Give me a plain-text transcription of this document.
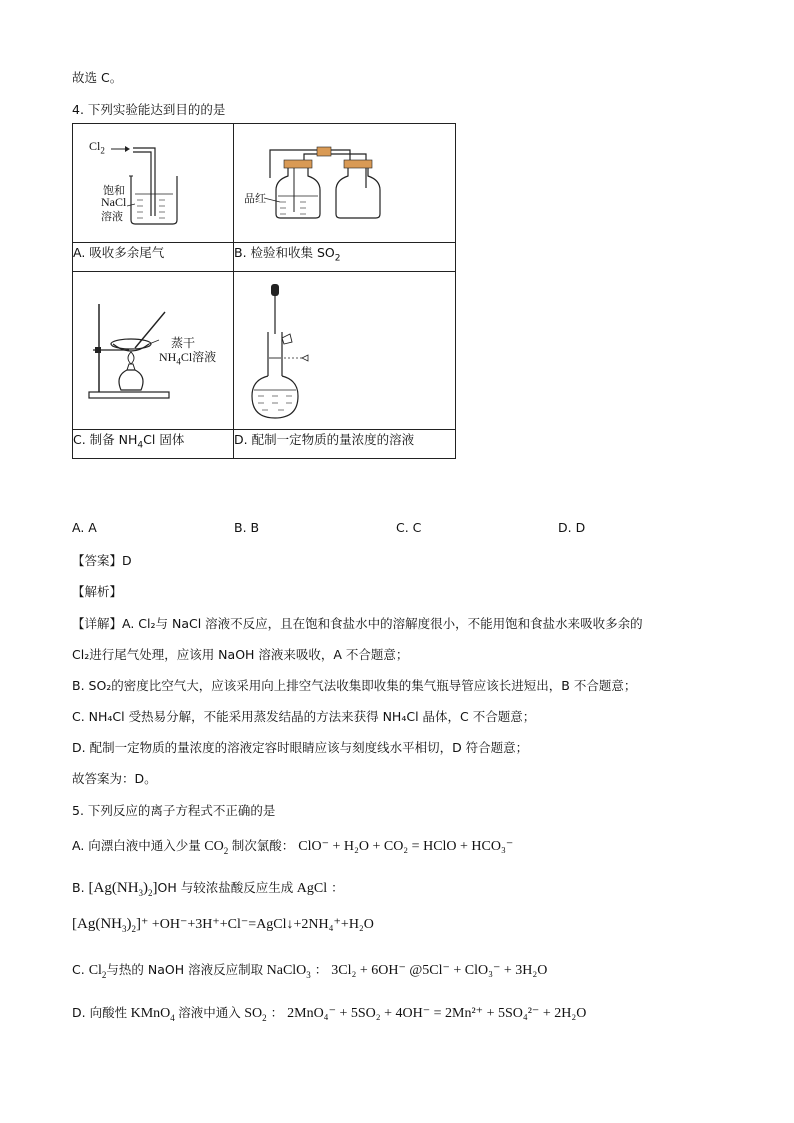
故选 C。
4. 下列实验能达到目的的是
$Cl_2$
饱和
NaCl
溶液	品红

A. 吸收多余尾气	B. 检验和收集 $SO_2$

蒸干
$NH_4Cl$溶液

C. 制备 $NH_4Cl$ 固体	D. 配制一定物质的量浓度的溶液
A. A	B. B	C. C	D. D
【答案】D
【解析】
【详解】A. Cl₂与 NaCl 溶液不反应，且在饱和食盐水中的溶解度很小，不能用饱和食盐水来吸收多余的
Cl₂进行尾气处理，应该用 NaOH 溶液来吸收，A 不合题意；
B. SO₂的密度比空气大，应该采用向上排空气法收集即收集的集气瓶导管应该长进短出，B 不合题意；
C. NH₄Cl 受热易分解，不能采用蒸发结晶的方法来获得 NH₄Cl 晶体，C 不合题意；
D. 配制一定物质的量浓度的溶液定容时眼睛应该与刻度线水平相切，D 符合题意；
故答案为：D。
5. 下列反应的离子方程式不正确的是
A. 向漂白液中通入少量 $CO_2$ 制次氯酸： ClO⁻ + H₂O + CO₂ = HClO + HCO₃⁻
B. $[Ag(NH_3)_2]OH$ 与较浓盐酸反应生成 AgCl ：
$[Ag(NH_3)_2]^+$ +OH⁻+3H⁺+Cl⁻=AgCl↓+2NH₄⁺+H₂O
C. $Cl_2$与热的 NaOH 溶液反应制取 NaClO$_3$ ： 3Cl₂ + 6OH⁻ @5Cl⁻ + ClO₃⁻ + 3H₂O
D. 向酸性 KMnO$_4$ 溶液中通入 $SO_2$ ： 2MnO₄⁻ + 5SO₂ + 4OH⁻ = 2Mn²⁺ + 5SO₄²⁻ + 2H₂O
